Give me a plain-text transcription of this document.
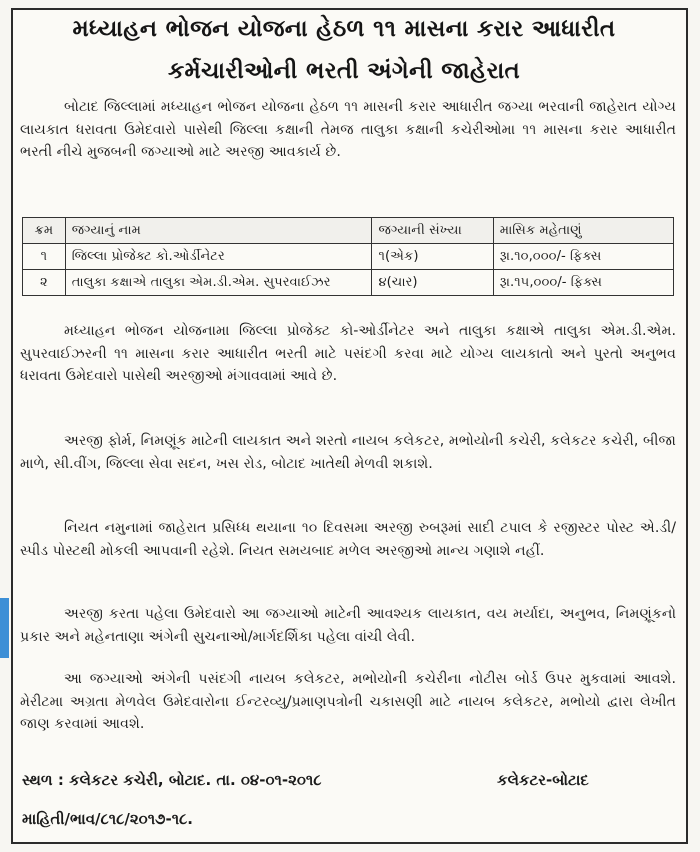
મધ્યાહન ભોજન યોજના હેઠળ ૧૧ માસના કરાર આધારીત
કર્મચારીઓની ભરતી અંગેની જાહેરાત

બોટાદ જિલ્લામાં મધ્યાહન ભોજન યોજના હેઠળ ૧૧ માસની કરાર આધારીત જગ્યા ભરવાની જાહેરાત યોગ્ય લાયકાત ધરાવતા ઉમેદવારો પાસેથી જિલ્લા કક્ષાની તેમજ તાલુકા કક્ષાની કચેરીઓમા ૧૧ માસના કરાર આધારીત ભરતી નીચે મુજબની જગ્યાઓ માટે અરજી આવકાર્ય છે.

ક્રમ	જગ્યાનું નામ	જગ્યાની સંખ્યા	માસિક મહેતાણું
૧	જિલ્લા પ્રોજેક્ટ કો.ઓર્ડીનેટર	૧(એક)	રૂા.૧૦,૦૦૦/- ફિક્સ
૨	તાલુકા કક્ષાએ તાલુકા એમ.ડી.એમ. સુપરવાઈઝર	૪(ચાર)	રૂા.૧૫,૦૦૦/- ફિક્સ

મધ્યાહન ભોજન યોજનામા જિલ્લા પ્રોજેક્ટ કો-ઓર્ડીનેટર અને તાલુકા કક્ષાએ તાલુકા એમ.ડી.એમ. સુપરવાઈઝરની ૧૧ માસના કરાર આધારીત ભરતી માટે પસંદગી કરવા માટે યોગ્ય લાયકાતો અને પુરતો અનુભવ ધરાવતા ઉમેદવારો પાસેથી અરજીઓ મંગાવવામાં આવે છે.

અરજી ફોર્મ, નિમણૂંક માટેની લાયકાત અને શરતો નાયબ કલેકટર, મભોયોની કચેરી, કલેકટર કચેરી, બીજા માળે, સી.વીંગ, જિલ્લા સેવા સદન, ખસ રોડ, બોટાદ ખાતેથી મેળવી શકાશે.

નિયત નમુનામાં જાહેરાત પ્રસિધ્ધ થયાના ૧૦ દિવસમા અરજી રુબરૂમાં સાદી ટપાલ કે રજીસ્ટર પોસ્ટ એ.ડી/સ્પીડ પોસ્ટથી મોકલી આપવાની રહેશે. નિયત સમયબાદ મળેલ અરજીઓ માન્ય ગણાશે નહીં.

અરજી કરતા પહેલા ઉમેદવારો આ જગ્યાઓ માટેની આવશ્યક લાયકાત, વય મર્યાદા, અનુભવ, નિમણૂંકનો પ્રકાર અને મહેનતાણા અંગેની સુચનાઓ/માર્ગદર્શિકા પહેલા વાંચી લેવી.

આ જગ્યાઓ અંગેની પસંદગી નાયબ કલેકટર, મભોયોની કચેરીના નોટીસ બોર્ડ ઉપર મુકવામાં આવશે. મેરીટમા અગ્રતા મેળવેલ ઉમેદવારોના ઈન્ટરવ્યુ/પ્રમાણપત્રોની ચકાસણી માટે નાયબ કલેકટર, મભોયો દ્વારા લેખીત જાણ કરવામાં આવશે.

સ્થળ : કલેકટર કચેરી, બોટાદ. તા. ૦૪-૦૧-૨૦૧૮	કલેકટર-બોટાદ
માહિતી/ભાવ/૮૧૮/૨૦૧૭-૧૮.
